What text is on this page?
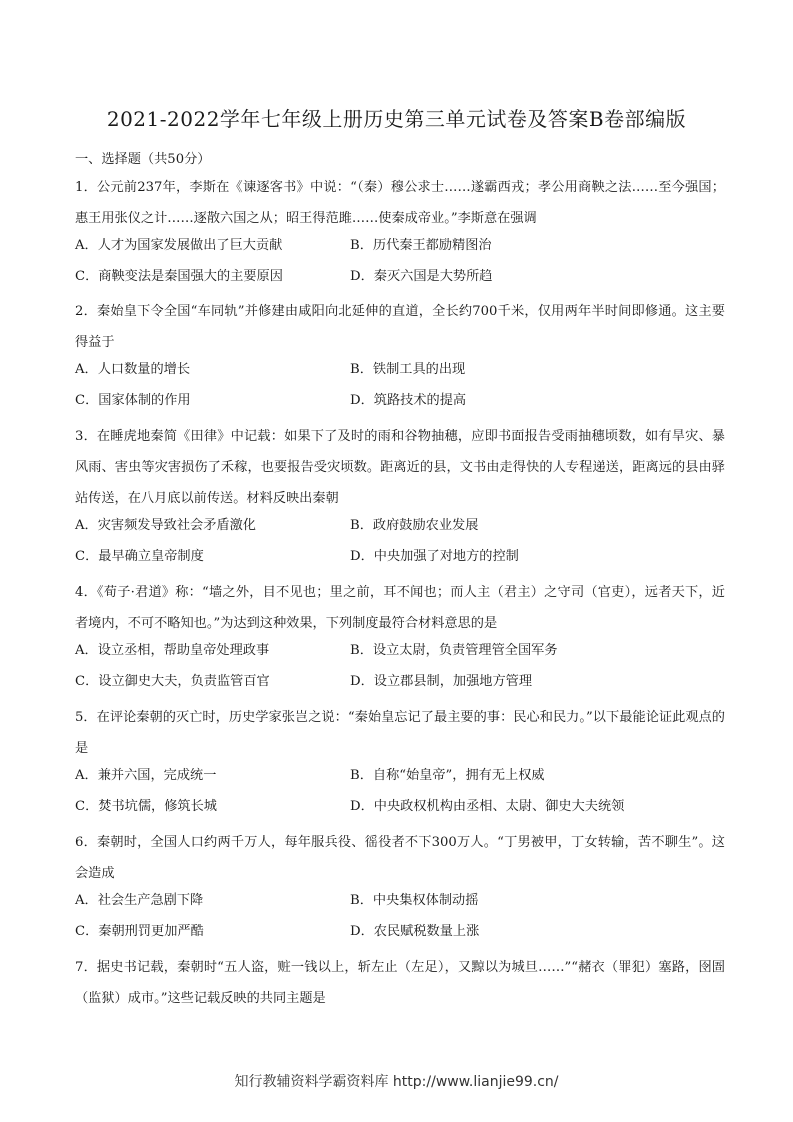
2021-2022学年七年级上册历史第三单元试卷及答案B卷部编版
一、选择题（共50分）
1．公元前237年，李斯在《谏逐客书》中说：“（秦）穆公求士……遂霸西戎；孝公用商鞅之法……至今强国；惠王用张仪之计……逐散六国之从；昭王得范雎……使秦成帝业。”李斯意在强调
A．人才为国家发展做出了巨大贡献	B．历代秦王都励精图治
C．商鞅变法是秦国强大的主要原因	D．秦灭六国是大势所趋
2．秦始皇下令全国“车同轨”并修建由咸阳向北延伸的直道，全长约700千米，仅用两年半时间即修通。这主要得益于
A．人口数量的增长	B．铁制工具的出现
C．国家体制的作用	D．筑路技术的提高
3．在睡虎地秦简《田律》中记载：如果下了及时的雨和谷物抽穗，应即书面报告受雨抽穗顷数，如有旱灾、暴风雨、害虫等灾害损伤了禾稼，也要报告受灾顷数。距离近的县，文书由走得快的人专程递送，距离远的县由驿站传送，在八月底以前传送。材料反映出秦朝
A．灾害频发导致社会矛盾激化	B．政府鼓励农业发展
C．最早确立皇帝制度	D．中央加强了对地方的控制
4．《荀子·君道》称：“墙之外，目不见也；里之前，耳不闻也；而人主（君主）之守司（官吏），远者天下，近者境内，不可不略知也。”为达到这种效果，下列制度最符合材料意思的是
A．设立丞相，帮助皇帝处理政事	B．设立太尉，负责管理管全国军务
C．设立御史大夫，负责监管百官	D．设立郡县制，加强地方管理
5．在评论秦朝的灭亡时，历史学家张岂之说：“秦始皇忘记了最主要的事：民心和民力。”以下最能论证此观点的是
A．兼并六国，完成统一	B．自称“始皇帝”，拥有无上权威
C．焚书坑儒，修筑长城	D．中央政权机构由丞相、太尉、御史大夫统领
6．秦朝时，全国人口约两千万人，每年服兵役、徭役者不下300万人。“丁男被甲，丁女转输，苦不聊生”。这会造成
A．社会生产急剧下降	B．中央集权体制动摇
C．秦朝刑罚更加严酷	D．农民赋税数量上涨
7．据史书记载，秦朝时“五人盗，赃一钱以上，斩左止（左足），又黥以为城旦……”“赭衣（罪犯）塞路，囹圄（监狱）成市。”这些记载反映的共同主题是
知行教辅资料学霸资料库 http://www.lianjie99.cn/
